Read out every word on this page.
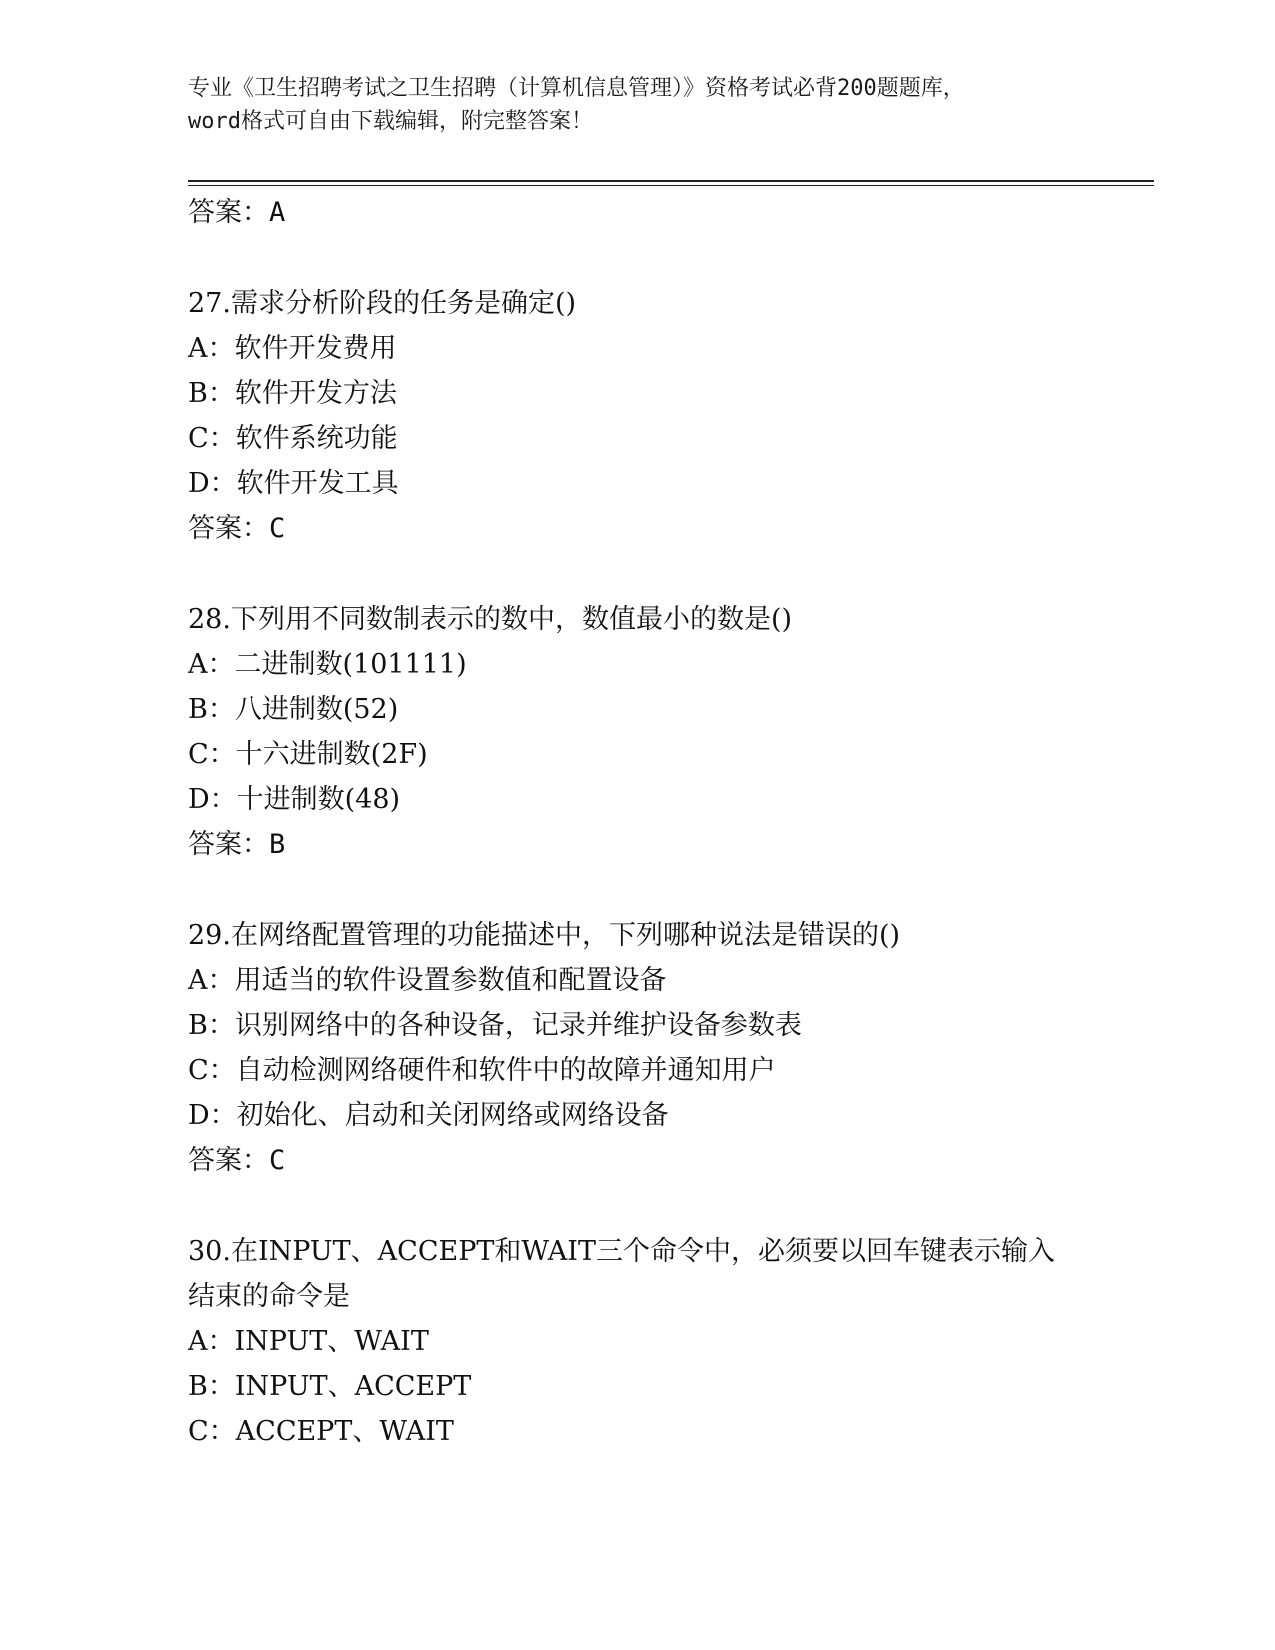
专业《卫生招聘考试之卫生招聘（计算机信息管理）》资格考试必背200题题库，
word格式可自由下载编辑，附完整答案！
答案：A
27.需求分析阶段的任务是确定()
A：软件开发费用
B：软件开发方法
C：软件系统功能
D：软件开发工具
答案：C
28.下列用不同数制表示的数中，数值最小的数是()
A：二进制数(101111)
B：八进制数(52)
C：十六进制数(2F)
D：十进制数(48)
答案：B
29.在网络配置管理的功能描述中，下列哪种说法是错误的()
A：用适当的软件设置参数值和配置设备
B：识别网络中的各种设备，记录并维护设备参数表
C：自动检测网络硬件和软件中的故障并通知用户
D：初始化、启动和关闭网络或网络设备
答案：C
30.在INPUT、ACCEPT和WAIT三个命令中，必须要以回车键表示输入结束的命令是
A：INPUT、WAIT
B：INPUT、ACCEPT
C：ACCEPT、WAIT
